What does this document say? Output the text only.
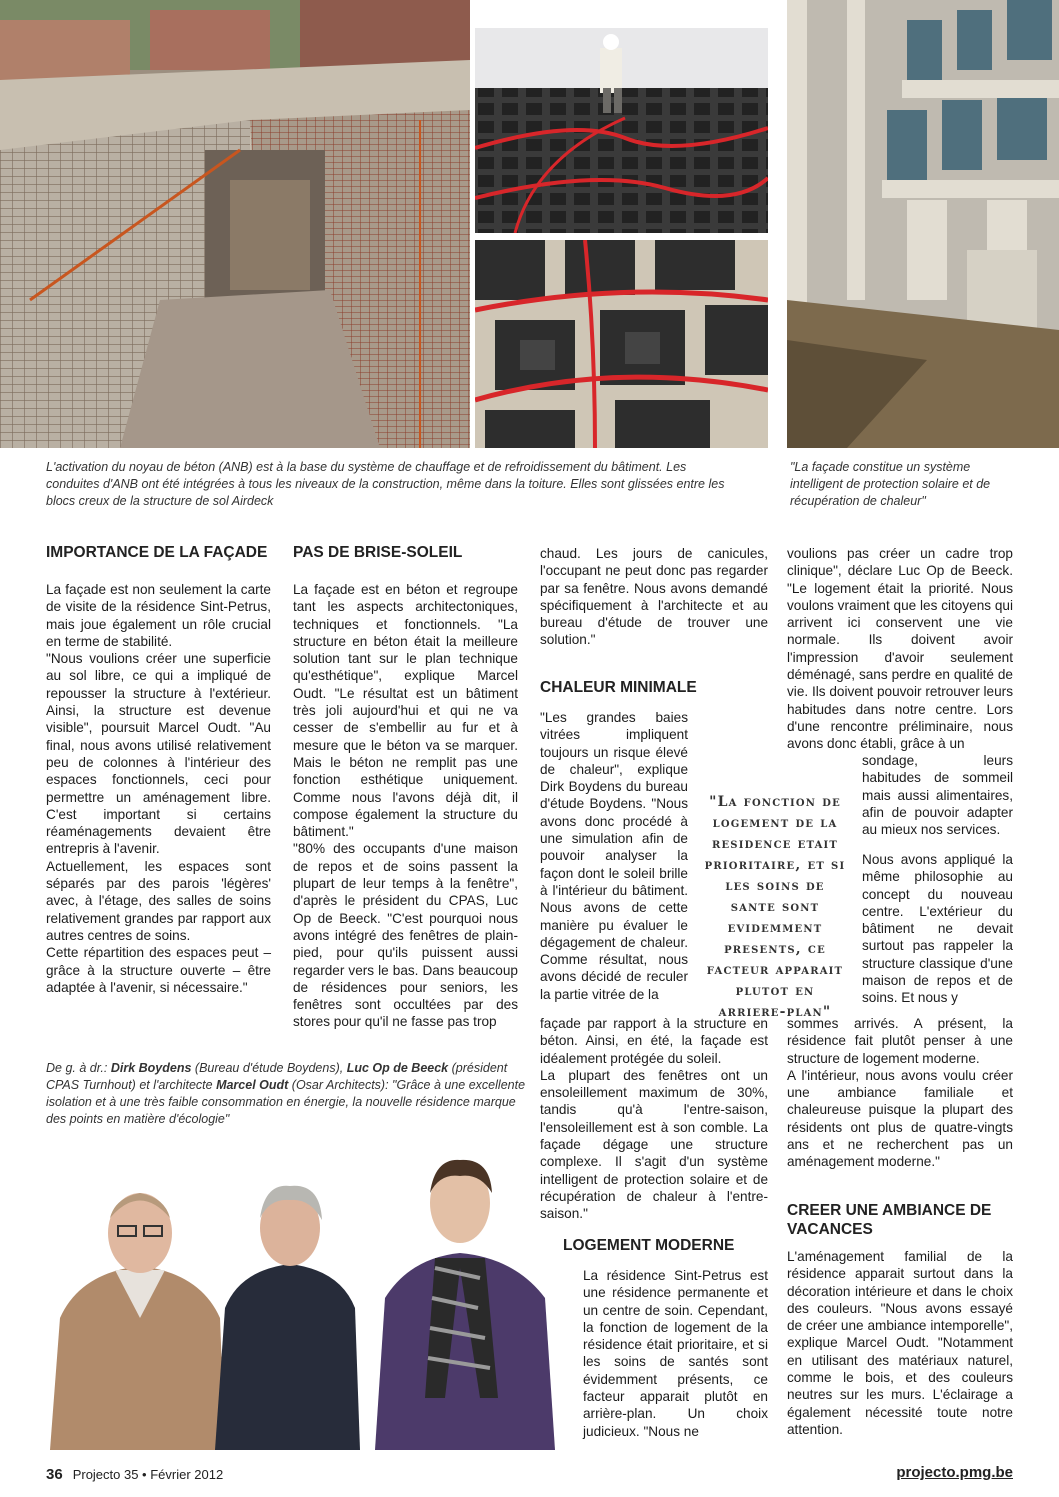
L'activation du noyau de béton (ANB) est à la base du système de chauffage et de refroidissement du bâtiment. Les conduites d'ANB ont été intégrées à tous les niveaux de la construction, même dans la toiture. Elles sont glissées entre les blocs creux de la structure de sol Airdeck
"La façade constitue un système intelligent de protection solaire et de récupération de chaleur"
IMPORTANCE DE LA FAÇADE

La façade est non seulement la carte de visite de la résidence Sint-Petrus, mais joue également un rôle crucial en terme de stabilité.

"Nous voulions créer une superficie au sol libre, ce qui a impliqué de repousser la structure à l'extérieur. Ainsi, la structure est devenue visible", poursuit Marcel Oudt. "Au final, nous avons utilisé relativement peu de colonnes à l'intérieur des espaces fonctionnels, ceci pour permettre un aménagement libre. C'est important si certains réaménagements devaient être entrepris à l'avenir.

Actuellement, les espaces sont séparés par des parois 'légères' avec, à l'étage, des salles de soins relativement grandes par rapport aux autres centres de soins.

Cette répartition des espaces peut – grâce à la structure ouverte – être adaptée à l'avenir, si nécessaire."

PAS DE BRISE-SOLEIL

La façade est en béton et regroupe tant les aspects architectoniques, techniques et fonctionnels. "La structure en béton était la meilleure solution tant sur le plan technique qu'esthétique", explique Marcel Oudt. "Le résultat est un bâtiment très joli aujourd'hui et qui ne va cesser de s'embellir au fur et à mesure que le béton va se marquer. Mais le béton ne remplit pas une fonction esthétique uniquement. Comme nous l'avons déjà dit, il compose également la structure du bâtiment."

"80% des occupants d'une maison de repos et de soins passent la plupart de leur temps à la fenêtre", d'après le président du CPAS, Luc Op de Beeck. "C'est pourquoi nous avons intégré des fenêtres de plain-pied, pour qu'ils puissent aussi regarder vers le bas. Dans beaucoup de résidences pour seniors, les fenêtres sont occultées par des stores pour qu'il ne fasse pas trop

chaud. Les jours de canicules, l'occupant ne peut donc pas regarder par sa fenêtre. Nous avons demandé spécifiquement à l'architecte et au bureau d'étude de trouver une solution."
CHALEUR MINIMALE
"Les grandes baies vitrées impliquent toujours un risque élevé de chaleur", explique Dirk Boydens du bureau d'étude Boydens. "Nous avons donc procédé à une simulation afin de pouvoir analyser la façon dont le soleil brille à l'intérieur du bâtiment. Nous avons de cette manière pu évaluer le dégagement de chaleur. Comme résultat, nous avons décidé de reculer la partie vitrée de la

façade par rapport à la structure en béton. Ainsi, en été, la façade est idéalement protégée du soleil.

La plupart des fenêtres ont un ensoleillement maximum de 30%, tandis qu'à l'entre-saison, l'ensoleillement est à son comble. La façade dégage une structure complexe. Il s'agit d'un système intelligent de protection solaire et de récupération de chaleur à l'entre-saison."

LOGEMENT MODERNE
La résidence Sint-Petrus est une résidence permanente et un centre de soin. Cependant, la fonction de logement de la résidence était prioritaire, et si les soins de santés sont évidemment présents, ce facteur apparait plutôt en arrière-plan. Un choix judicieux. "Nous ne
"La fonction de logement de la residence etait prioritaire, et si les soins de sante sont evidemment presents, ce facteur apparait plutot en arriere-plan"
voulions pas créer un cadre trop clinique", déclare Luc Op de Beeck. "Le logement était la priorité. Nous voulons vraiment que les citoyens qui arrivent ici conservent une vie normale. Ils doivent avoir l'impression d'avoir seulement déménagé, sans perdre en qualité de vie. Ils doivent pouvoir retrouver leurs habitudes dans notre centre. Lors d'une rencontre préliminaire, nous avons donc établi, grâce à un
sondage, leurs habitudes de sommeil mais aussi alimentaires, afin de pouvoir adapter au mieux nos services.
Nous avons appliqué la même philosophie au concept du nouveau centre. L'extérieur du bâtiment ne devait surtout pas rappeler la structure classique d'une maison de repos et de soins. Et nous y

sommes arrivés. A présent, la résidence fait plutôt penser à une structure de logement moderne.

A l'intérieur, nous avons voulu créer une ambiance familiale et chaleureuse puisque la plupart des résidents ont plus de quatre-vingts ans et ne recherchent pas un aménagement moderne."

CREER UNE AMBIANCE DE VACANCES
L'aménagement familial de la résidence apparait surtout dans la décoration intérieure et dans le choix des couleurs. "Nous avons essayé de créer une ambiance intemporelle", explique Marcel Oudt. "Notamment en utilisant des matériaux naturel, comme le bois, et des couleurs neutres sur les murs. L'éclairage a également nécessité toute notre attention.
De g. à dr.: Dirk Boydens (Bureau d'étude Boydens), Luc Op de Beeck (président CPAS Turnhout) et l'architecte Marcel Oudt (Osar Architects): "Grâce à une excellente isolation et à une très faible consommation en énergie, la nouvelle résidence marque des points en matière d'écologie"
36 Projecto 35 • Février 2012	projecto.pmg.be
